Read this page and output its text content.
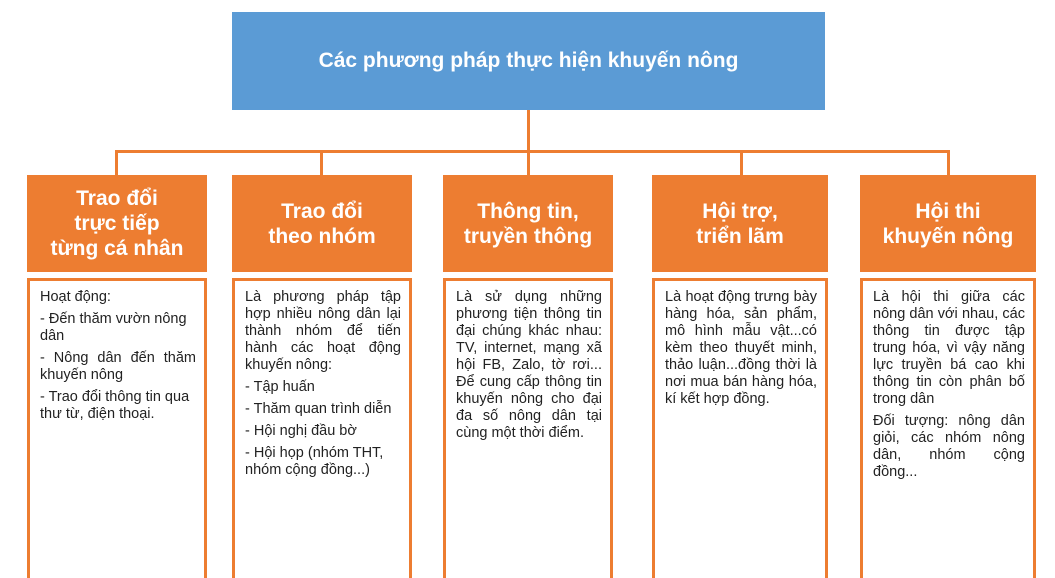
Các phương pháp thực hiện khuyến nông
Trao đổi
trực tiếp
từng cá nhân

Hoạt động:

- Đến thăm vườn nông dân
- Nông dân đến thăm khuyến nông
- Trao đổi thông tin qua thư từ, điện thoại.
Trao đổi
theo nhóm

Là phương pháp tập hợp nhiều nông dân lại thành nhóm để tiến hành các hoạt động khuyến nông:

- Tập huấn
- Thăm quan trình diễn
- Hội nghị đầu bờ
- Hội họp (nhóm THT, nhóm cộng đồng...)
Thông tin,
truyền thông

Là sử dụng những phương tiện thông tin đại chúng khác nhau: TV, internet, mạng xã hội FB, Zalo, tờ rơi... Để cung cấp thông tin khuyến nông cho đại đa số nông dân tại cùng một thời điểm.

Hội trợ,
triển lãm

Là hoạt động trưng bày hàng hóa, sản phẩm, mô hình mẫu vật...có kèm theo thuyết minh, thảo luận...đồng thời là nơi mua bán hàng hóa, kí kết hợp đồng.

Hội thi
khuyến nông

Là hội thi giữa các nông dân với nhau, các thông tin được tập trung hóa, vì vậy năng lực truyền bá cao khi thông tin còn phân bố trong dân

Đối tượng: nông dân giỏi, các nhóm nông dân, nhóm cộng đồng...
